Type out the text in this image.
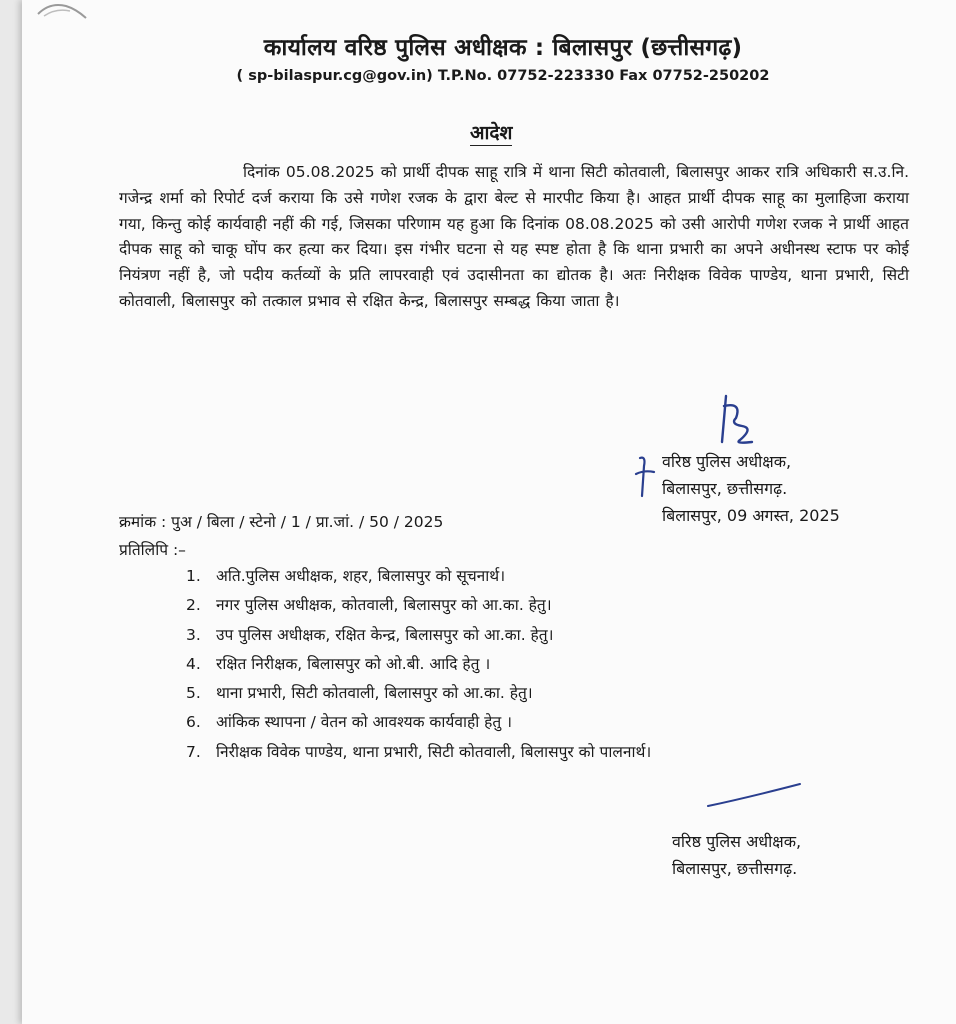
कार्यालय वरिष्ठ पुलिस अधीक्षक : बिलासपुर (छत्तीसगढ़)
( sp-bilaspur.cg@gov.in) T.P.No. 07752-223330 Fax 07752-250202
आदेश
दिनांक 05.08.2025 को प्रार्थी दीपक साहू रात्रि में थाना सिटी कोतवाली, बिलासपुर आकर रात्रि अधिकारी स.उ.नि. गजेन्द्र शर्मा को रिपोर्ट दर्ज कराया कि उसे गणेश रजक के द्वारा बेल्ट से मारपीट किया है। आहत प्रार्थी दीपक साहू का मुलाहिजा कराया गया, किन्तु कोई कार्यवाही नहीं की गई, जिसका परिणाम यह हुआ कि दिनांक 08.08.2025 को उसी आरोपी गणेश रजक ने प्रार्थी आहत दीपक साहू को चाकू घोंप कर हत्या कर दिया। इस गंभीर घटना से यह स्पष्ट होता है कि थाना प्रभारी का अपने अधीनस्थ स्टाफ पर कोई नियंत्रण नहीं है, जो पदीय कर्तव्यों के प्रति लापरवाही एवं उदासीनता का द्योतक है। अतः निरीक्षक विवेक पाण्डेय, थाना प्रभारी, सिटी कोतवाली, बिलासपुर को तत्काल प्रभाव से रक्षित केन्द्र, बिलासपुर सम्बद्ध किया जाता है।
वरिष्ठ पुलिस अधीक्षक,
बिलासपुर, छत्तीसगढ़.
बिलासपुर, 09 अगस्त, 2025
क्रमांक : पुअ / बिला / स्टेनो / 1 / प्रा.जां. / 50 / 2025
प्रतिलिपि :–
1. अति.पुलिस अधीक्षक, शहर, बिलासपुर को सूचनार्थ।
2. नगर पुलिस अधीक्षक, कोतवाली, बिलासपुर को आ.का. हेतु।
3. उप पुलिस अधीक्षक, रक्षित केन्द्र, बिलासपुर को आ.का. हेतु।
4. रक्षित निरीक्षक, बिलासपुर को ओ.बी. आदि हेतु ।
5. थाना प्रभारी, सिटी कोतवाली, बिलासपुर को आ.का. हेतु।
6. आंकिक स्थापना / वेतन को आवश्यक कार्यवाही हेतु ।
7. निरीक्षक विवेक पाण्डेय, थाना प्रभारी, सिटी कोतवाली, बिलासपुर को पालनार्थ।
वरिष्ठ पुलिस अधीक्षक,
बिलासपुर, छत्तीसगढ़.
